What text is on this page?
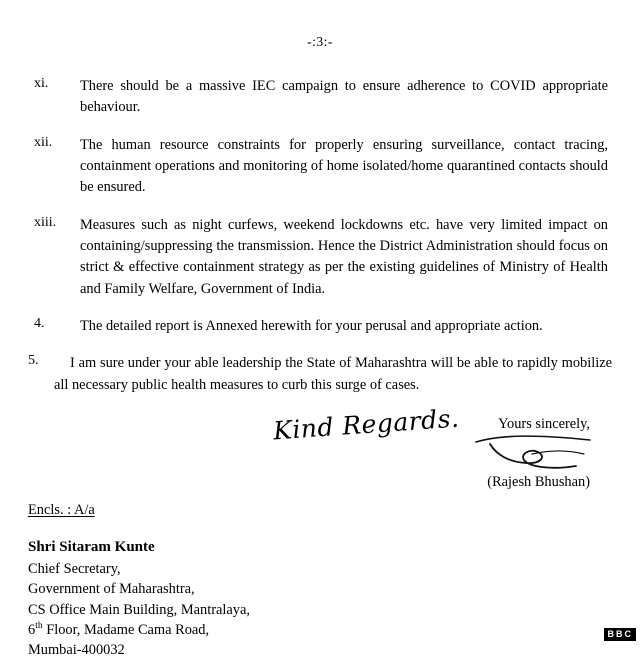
-:3:-
xi.	There should be a massive IEC campaign to ensure adherence to COVID appropriate behaviour.
xii.	The human resource constraints for properly ensuring surveillance, contact tracing, containment operations and monitoring of home isolated/home quarantined contacts should be ensured.
xiii.	Measures such as night curfews, weekend lockdowns etc. have very limited impact on containing/suppressing the transmission. Hence the District Administration should focus on strict & effective containment strategy as per the existing guidelines of Ministry of Health and Family Welfare, Government of India.
4.	The detailed report is Annexed herewith for your perusal and appropriate action.
5.	I am sure under your able leadership the State of Maharashtra will be able to rapidly mobilize all necessary public health measures to curb this surge of cases.
Kind Regards.	Yours sincerely,
(Rajesh Bhushan)
Encls. : A/a
Shri Sitaram Kunte
Chief Secretary,
Government of Maharashtra,
CS Office Main Building, Mantralaya,
6th Floor, Madame Cama Road,
Mumbai-400032
BBC
